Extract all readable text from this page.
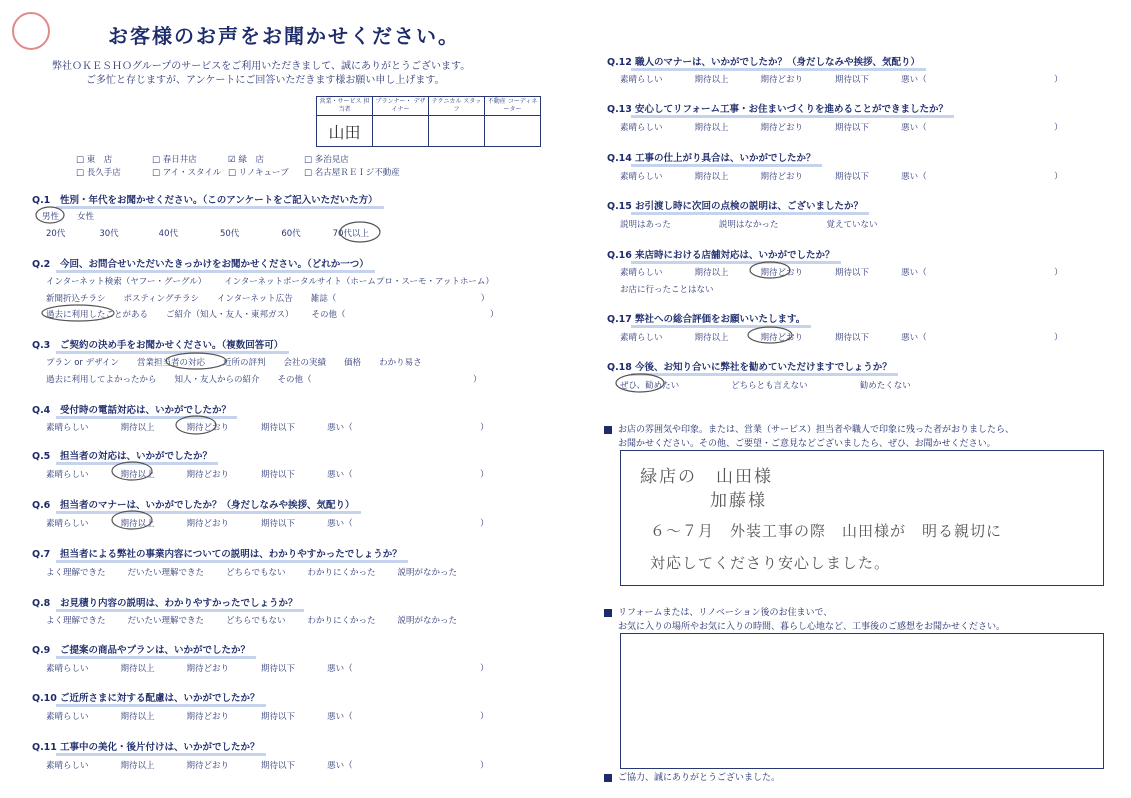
お客様のお声をお聞かせください。
弊社ＯＫＥＳＨＯグループのサービスをご利用いただきまして、誠にありがとうございます。
ご多忙と存じますが、アンケートにご回答いただきます様お願い申し上げます。
営業・サービス 担当者	プランナー・ デザイナー	テクニカル スタッフ	不動産 コーディネーター
山田			
□ 東　店	□ 春日井店	☑ 緑　店	□ 多治見店
□ 長久手店	□ アイ・スタイル □ リノキューブ □ 名古屋ＲＥＩジ不動産
Q.1 性別・年代をお聞かせください。（このアンケートをご記入いただいた方）
男性 女性
20代	30代	40代	50代	60代	70代以上
Q.2 今回、お問合せいただいたきっかけをお聞かせください。（どれか一つ）
インターネット検索（ヤフー・グーグル） インターネットポータルサイト（ホームプロ・スーモ・アットホーム）
新聞折込チラシ ポスティングチラシ インターネット広告 雑誌（　　　　　　　　　　　　　　　　　）
過去に利用したことがある ご紹介（知人・友人・東邦ガス） その他（　　　　　　　　　　　　　　　　　）
Q.3 ご契約の決め手をお聞かせください。（複数回答可）
プラン or デザイン 営業担当者の対応 近所の評判 会社の実績 価格 わかり易さ
過去に利用してよかったから 知人・友人からの紹介 その他（　　　　　　　　　　　　　　　　　　　）
Q.4 受付時の電話対応は、いかがでしたか？
素晴らしい	期待以上	期待どおり	期待以下	悪い（　　　　　　　　　　　　　　　）
Q.5 担当者の対応は、いかがでしたか？
素晴らしい	期待以上	期待どおり	期待以下	悪い（　　　　　　　　　　　　　　　）
Q.6 担当者のマナーは、いかがでしたか？（身だしなみや挨拶、気配り）
素晴らしい	期待以上	期待どおり	期待以下	悪い（　　　　　　　　　　　　　　　）
Q.7 担当者による弊社の事業内容についての説明は、わかりやすかったでしょうか？
よく理解できた	だいたい理解できた	どちらでもない	わかりにくかった	説明がなかった
Q.8 お見積り内容の説明は、わかりやすかったでしょうか？
よく理解できた	だいたい理解できた	どちらでもない	わかりにくかった	説明がなかった
Q.9 ご提案の商品やプランは、いかがでしたか？
素晴らしい	期待以上	期待どおり	期待以下	悪い（　　　　　　　　　　　　　　　）
Q.10 ご近所さまに対する配慮は、いかがでしたか？
素晴らしい	期待以上	期待どおり	期待以下	悪い（　　　　　　　　　　　　　　　）
Q.11 工事中の美化・後片付けは、いかがでしたか？
素晴らしい	期待以上	期待どおり	期待以下	悪い（　　　　　　　　　　　　　　　）
Q.12 職人のマナーは、いかがでしたか？（身だしなみや挨拶、気配り）
素晴らしい	期待以上	期待どおり	期待以下	悪い（　　　　　　　　　　　　　　　）
Q.13 安心してリフォーム工事・お住まいづくりを進めることができましたか？
素晴らしい	期待以上	期待どおり	期待以下	悪い（　　　　　　　　　　　　　　　）
Q.14 工事の仕上がり具合は、いかがでしたか？
素晴らしい	期待以上	期待どおり	期待以下	悪い（　　　　　　　　　　　　　　　）
Q.15 お引渡し時に次回の点検の説明は、ございましたか？
説明はあった	説明はなかった	覚えていない
Q.16 来店時における店舗対応は、いかがでしたか？
素晴らしい	期待以上	期待どおり	期待以下	悪い（　　　　　　　　　　　　　　　）
お店に行ったことはない
Q.17 弊社への総合評価をお願いいたします。
素晴らしい	期待以上	期待どおり	期待以下	悪い（　　　　　　　　　　　　　　　）
Q.18 今後、お知り合いに弊社を勧めていただけますでしょうか？
ぜひ、勧めたい	どちらとも言えない	勧めたくない
お店の雰囲気や印象。または、営業（サービス）担当者や職人で印象に残った者がおりましたら、
お聞かせください。その他、ご要望・ご意見などございましたら、ぜひ、お聞かせください。
緑店の　山田様
加藤様
６〜７月　外装工事の際　山田様が　明る親切に
対応してくださり安心しました。
リフォームまたは、リノベーション後のお住まいで、
お気に入りの場所やお気に入りの時間、暮らし心地など、工事後のご感想をお聞かせください。
ご協力、誠にありがとうございました。
